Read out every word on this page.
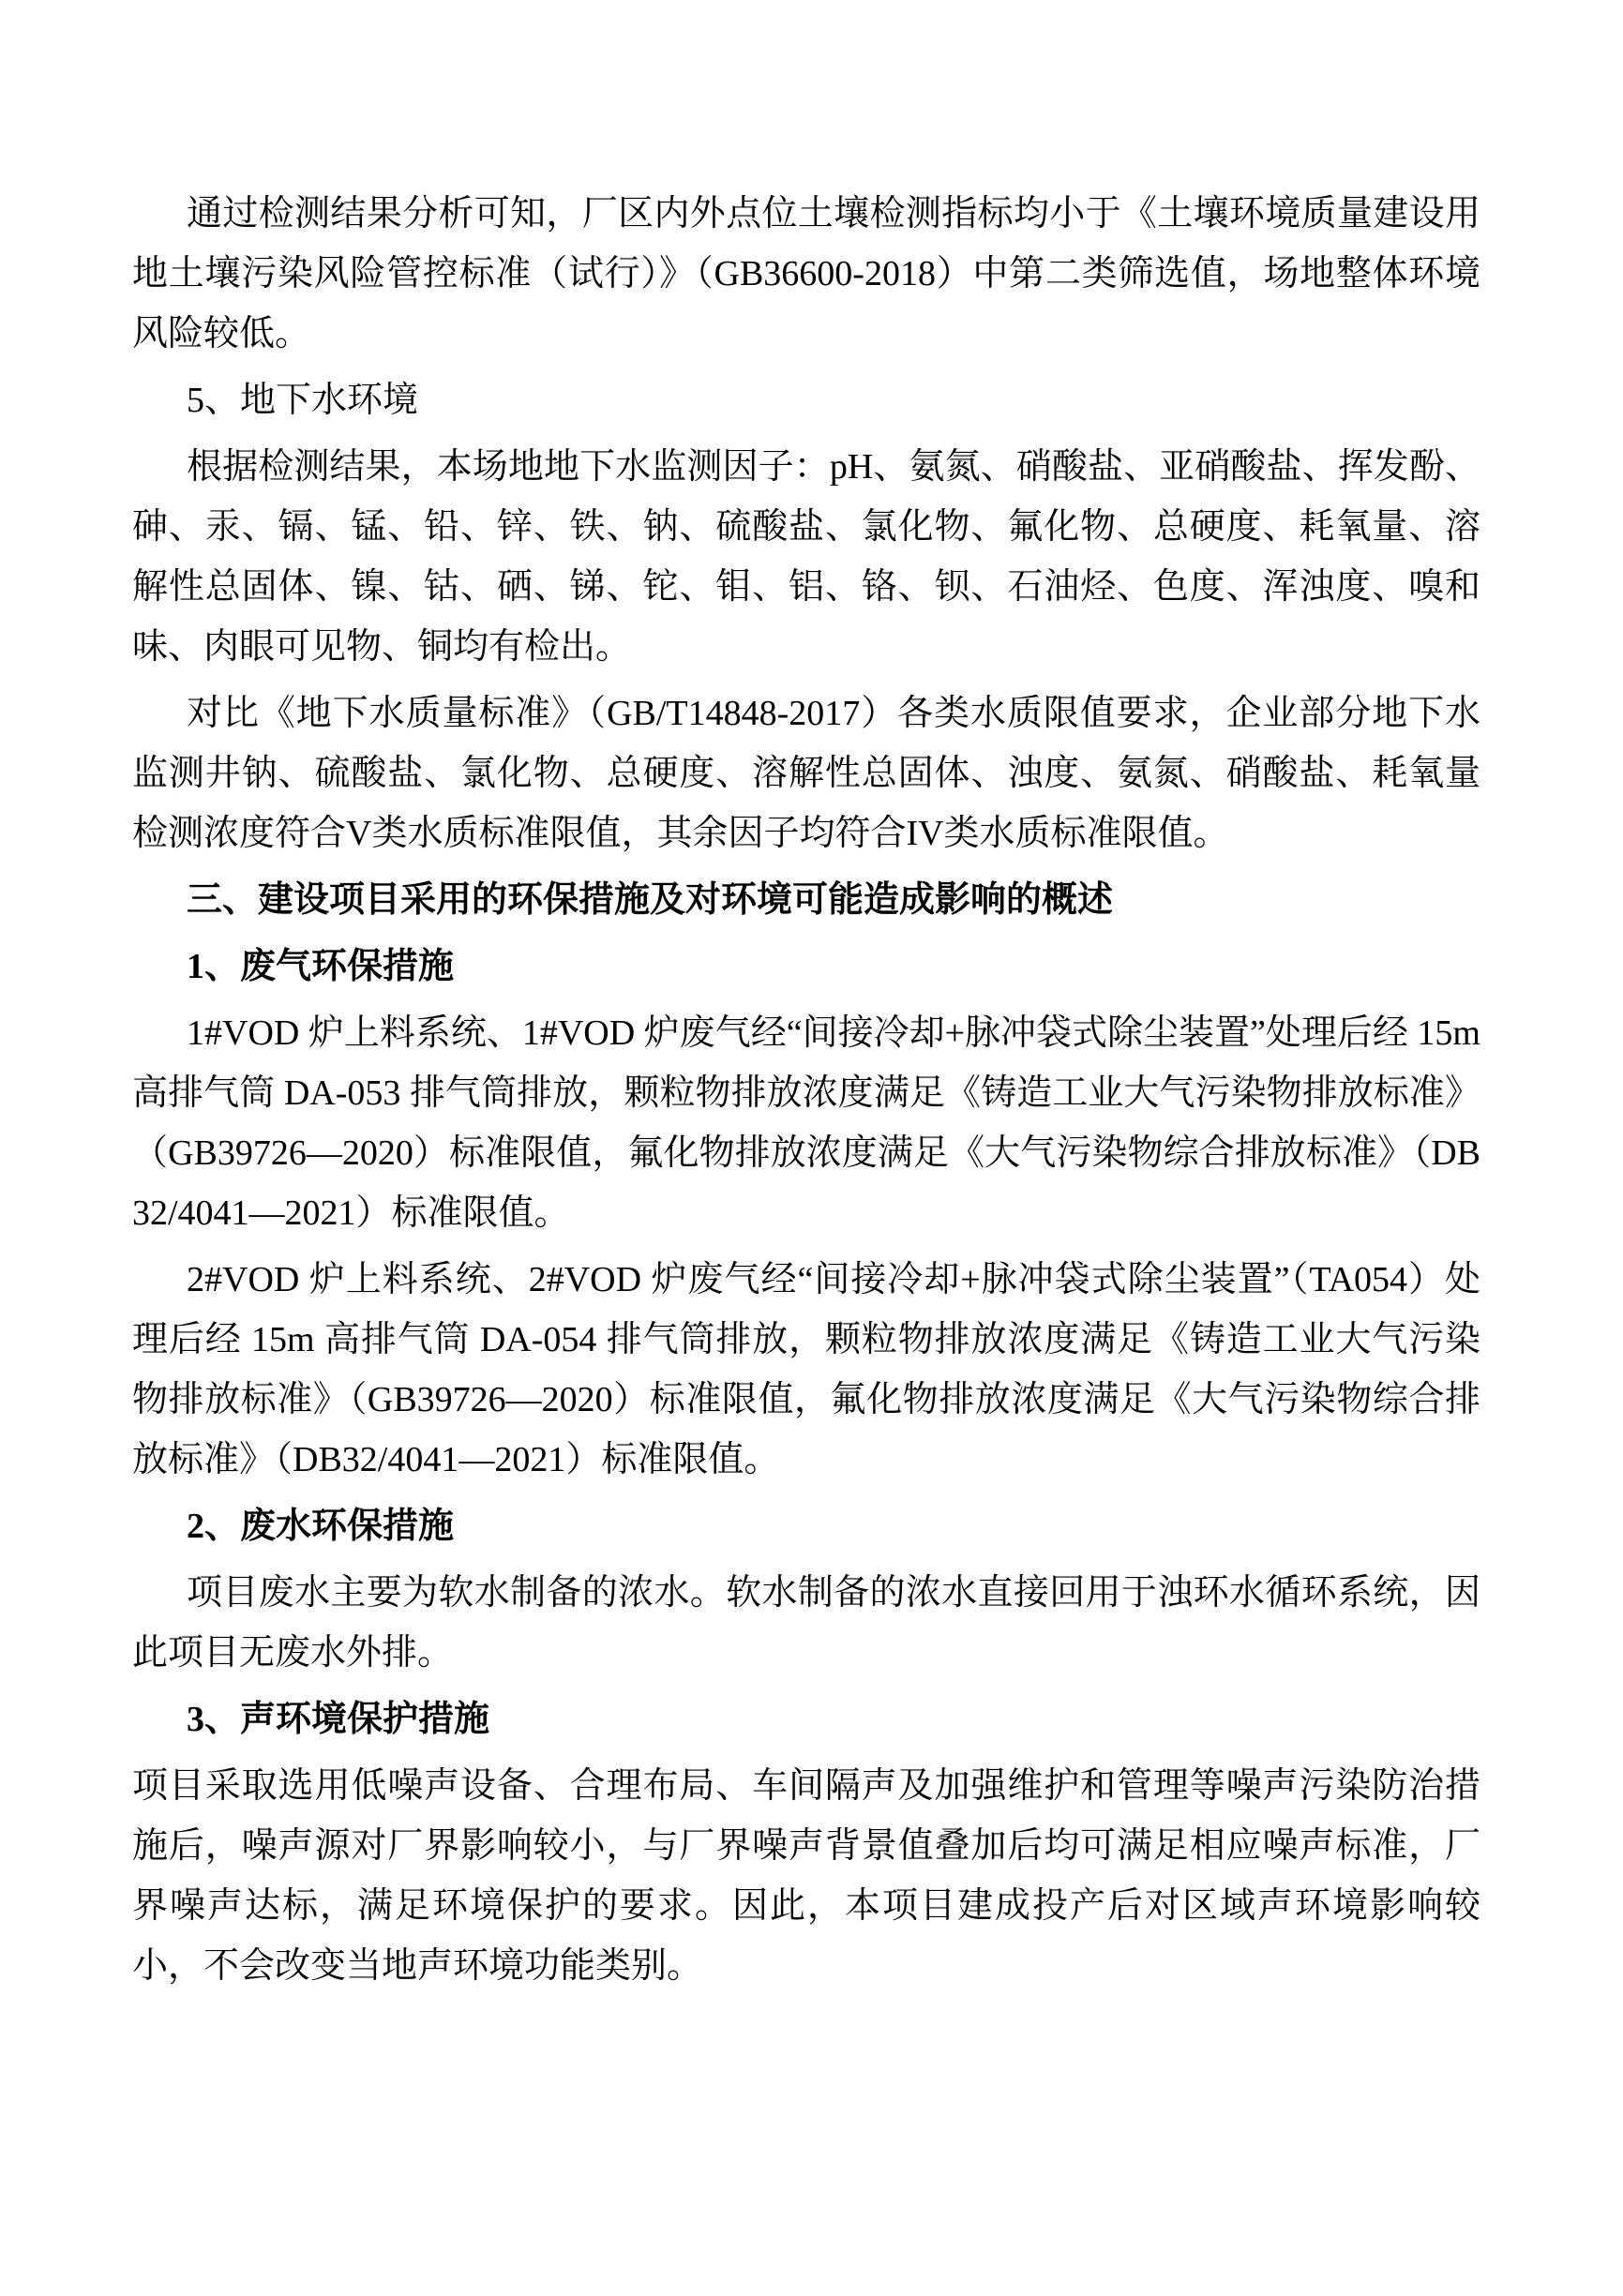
通过检测结果分析可知，厂区内外点位土壤检测指标均小于《土壤环境质量建设用地土壤污染风险管控标准（试行）》（GB36600-2018）中第二类筛选值，场地整体环境风险较低。

5、地下水环境

根据检测结果，本场地地下水监测因子：pH、氨氮、硝酸盐、亚硝酸盐、挥发酚、砷、汞、镉、锰、铅、锌、铁、钠、硫酸盐、氯化物、氟化物、总硬度、耗氧量、溶解性总固体、镍、钴、硒、锑、铊、钼、铝、铬、钡、石油烃、色度、浑浊度、嗅和味、肉眼可见物、铜均有检出。

对比《地下水质量标准》（GB/T14848-2017）各类水质限值要求，企业部分地下水监测井钠、硫酸盐、氯化物、总硬度、溶解性总固体、浊度、氨氮、硝酸盐、耗氧量检测浓度符合V类水质标准限值，其余因子均符合IV类水质标准限值。

三、建设项目采用的环保措施及对环境可能造成影响的概述

1、废气环保措施

1#VOD 炉上料系统、1#VOD 炉废气经“间接冷却+脉冲袋式除尘装置”处理后经 15m 高排气筒 DA-053 排气筒排放，颗粒物排放浓度满足《铸造工业大气污染物排放标准》（GB39726—2020）标准限值，氟化物排放浓度满足《大气污染物综合排放标准》（DB32/4041—2021）标准限值。

2#VOD 炉上料系统、2#VOD 炉废气经“间接冷却+脉冲袋式除尘装置”（TA054）处理后经 15m 高排气筒 DA-054 排气筒排放，颗粒物排放浓度满足《铸造工业大气污染物排放标准》（GB39726—2020）标准限值，氟化物排放浓度满足《大气污染物综合排放标准》（DB32/4041—2021）标准限值。

2、废水环保措施

项目废水主要为软水制备的浓水。软水制备的浓水直接回用于浊环水循环系统，因此项目无废水外排。

3、声环境保护措施

项目采取选用低噪声设备、合理布局、车间隔声及加强维护和管理等噪声污染防治措施后，噪声源对厂界影响较小，与厂界噪声背景值叠加后均可满足相应噪声标准，厂界噪声达标，满足环境保护的要求。因此，本项目建成投产后对区域声环境影响较小，不会改变当地声环境功能类别。
